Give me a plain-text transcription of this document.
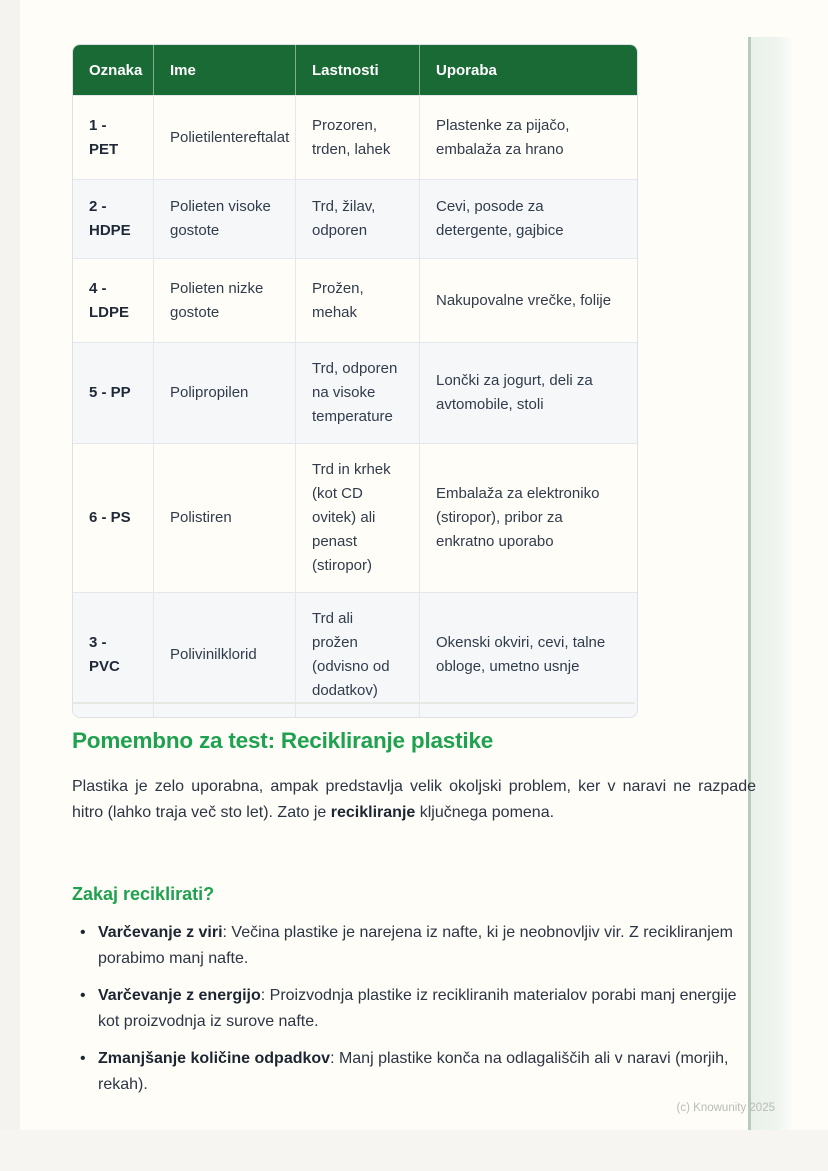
Oznaka	Ime	Lastnosti	Uporaba
1 - PET	Polietilentereftalat	Prozoren, trden, lahek	Plastenke za pijačo, embalaža za hrano
2 - HDPE	Polieten visoke gostote	Trd, žilav, odporen	Cevi, posode za detergente, gajbice
4 - LDPE	Polieten nizke gostote	Prožen, mehak	Nakupovalne vrečke, folije
5 - PP	Polipropilen	Trd, odporen na visoke temperature	Lončki za jogurt, deli za avtomobile, stoli
6 - PS	Polistiren	Trd in krhek (kot CD ovitek) ali penast (stiropor)	Embalaža za elektroniko (stiropor), pribor za enkratno uporabo
3 - PVC	Polivinilklorid	Trd ali prožen (odvisno od dodatkov)	Okenski okviri, cevi, talne obloge, umetno usnje
Pomembno za test: Recikliranje plastike

Plastika je zelo uporabna, ampak predstavlja velik okoljski problem, ker v naravi ne razpade hitro (lahko traja več sto let). Zato je recikliranje ključnega pomena.

Zakaj reciklirati?
• Varčevanje z viri: Večina plastike je narejena iz nafte, ki je neobnovljiv vir. Z recikliranjem porabimo manj nafte.
• Varčevanje z energijo: Proizvodnja plastike iz recikliranih materialov porabi manj energije kot proizvodnja iz surove nafte.
• Zmanjšanje količine odpadkov: Manj plastike konča na odlagališčih ali v naravi (morjih, rekah).
(c) Knowunity 2025
